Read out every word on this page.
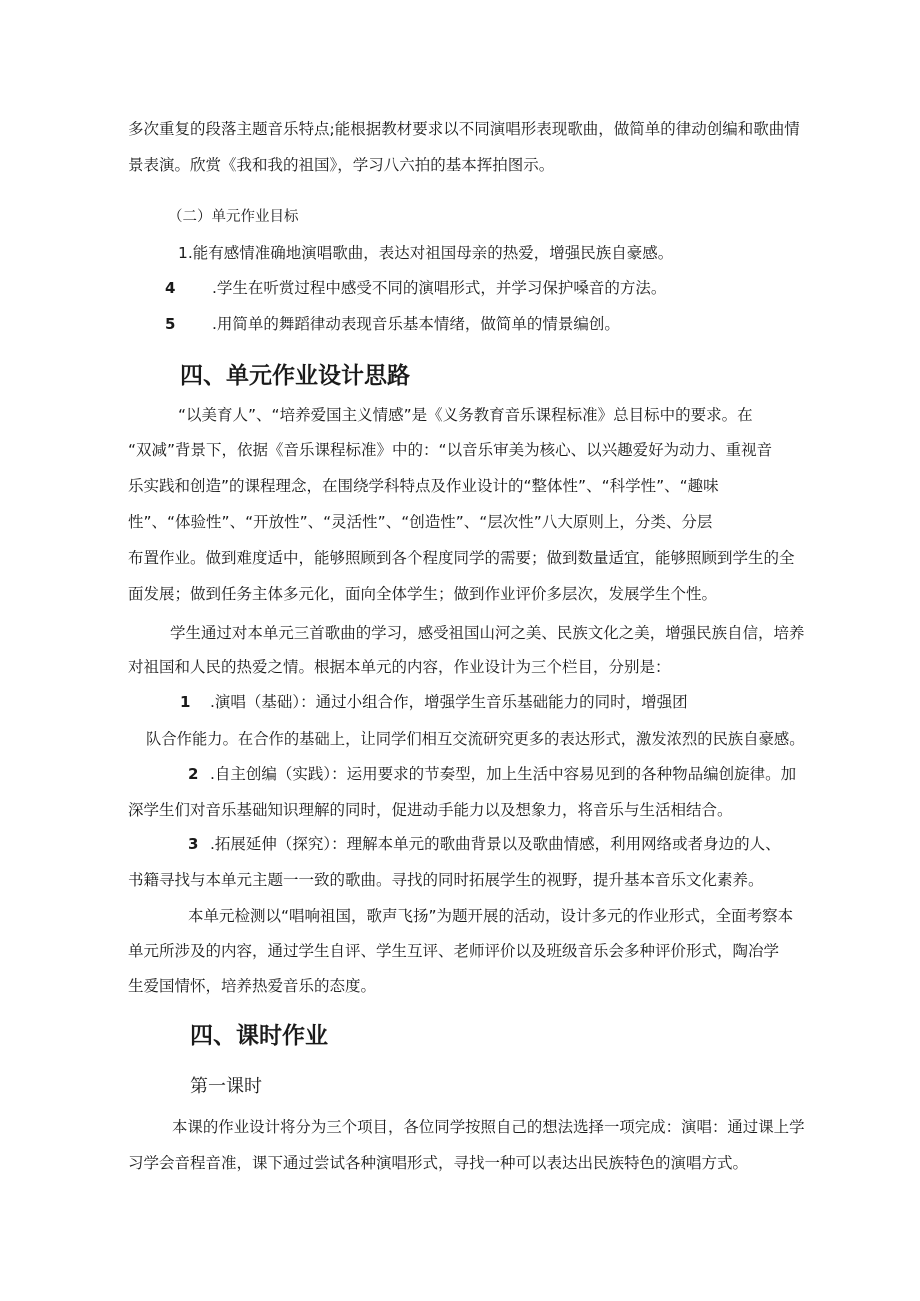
多次重复的段落主题音乐特点;能根据教材要求以不同演唱形表现歌曲，做简单的律动创编和歌曲情
景表演。欣赏《我和我的祖国》，学习八六拍的基本挥拍图示。
（二）单元作业目标
1.能有感情准确地演唱歌曲，表达对祖国母亲的热爱，增强民族自豪感。
4 .学生在听赏过程中感受不同的演唱形式，并学习保护嗓音的方法。
5 .用简单的舞蹈律动表现音乐基本情绪，做简单的情景编创。
四、单元作业设计思路
“以美育人”、“培养爱国主义情感”是《义务教育音乐课程标准》总目标中的要求。在
“双减”背景下，依据《音乐课程标准》中的：“以音乐审美为核心、以兴趣爱好为动力、重视音
乐实践和创造”的课程理念，在围绕学科特点及作业设计的“整体性”、“科学性”、“趣味
性”、“体验性”、“开放性”、“灵活性”、“创造性”、“层次性”八大原则上，分类、分层
布置作业。做到难度适中，能够照顾到各个程度同学的需要；做到数量适宜，能够照顾到学生的全
面发展；做到任务主体多元化，面向全体学生；做到作业评价多层次，发展学生个性。
学生通过对本单元三首歌曲的学习，感受祖国山河之美、民族文化之美，增强民族自信，培养
对祖国和人民的热爱之情。根据本单元的内容，作业设计为三个栏目，分别是：
1 .演唱（基础）：通过小组合作，增强学生音乐基础能力的同时，增强团
队合作能力。在合作的基础上，让同学们相互交流研究更多的表达形式，激发浓烈的民族自豪感。
2 .自主创编（实践）：运用要求的节奏型，加上生活中容易见到的各种物品编创旋律。加
深学生们对音乐基础知识理解的同时，促进动手能力以及想象力，将音乐与生活相结合。
3 .拓展延伸（探究）：理解本单元的歌曲背景以及歌曲情感，利用网络或者身边的人、
书籍寻找与本单元主题一一致的歌曲。寻找的同时拓展学生的视野，提升基本音乐文化素养。
本单元检测以“唱响祖国，歌声飞扬”为题开展的活动，设计多元的作业形式，全面考察本
单元所涉及的内容，通过学生自评、学生互评、老师评价以及班级音乐会多种评价形式，陶冶学
生爱国情怀，培养热爱音乐的态度。
四、课时作业
第一课时
本课的作业设计将分为三个项目，各位同学按照自己的想法选择一项完成：演唱：通过课上学
习学会音程音准，课下通过尝试各种演唱形式，寻找一种可以表达出民族特色的演唱方式。
